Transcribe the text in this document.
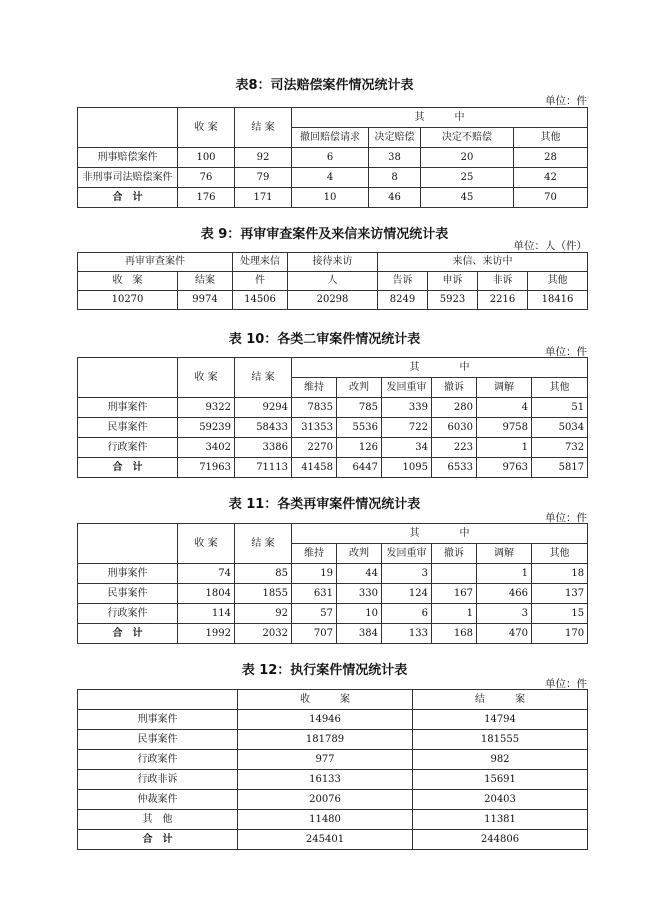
表8：司法赔偿案件情况统计表
单位：件
	收 案	结 案	其　　　中			
			撤回赔偿请求	决定赔偿	决定不赔偿	其他
刑事赔偿案件	100	92	6	38	20	28
非刑事司法赔偿案件	76	79	4	8	25	42
合　计	176	171	10	46	45	70
表 9：再审审查案件及来信来访情况统计表
单位：人（件）
再审审查案件		处理来信	接待来访	来信、来访中			
收　案	结案	件	人	告诉	申诉	非诉	其他
10270	9974	14506	20298	8249	5923	2216	18416
表 10：各类二审案件情况统计表
单位：件
	收 案	结 案	其　　　　中					
			维持	改判	发回重审	撤诉	调解	其他
刑事案件	9322	9294	7835	785	339	280	4	51
民事案件	59239	58433	31353	5536	722	6030	9758	5034
行政案件	3402	3386	2270	126	34	223	1	732
合　计	71963	71113	41458	6447	1095	6533	9763	5817
表 11：各类再审案件情况统计表
单位：件
	收 案	结 案	其　　　　中					
			维持	改判	发回重审	撤诉	调解	其他
刑事案件	74	85	19	44	3		1	18
民事案件	1804	1855	631	330	124	167	466	137
行政案件	114	92	57	10	6	1	3	15
合　计	1992	2032	707	384	133	168	470	170
表 12：执行案件情况统计表
单位：件
	收　　　案	结　　　案
刑事案件	14946	14794
民事案件	181789	181555
行政案件	977	982
行政非诉	16133	15691
仲裁案件	20076	20403
其　他	11480	11381
合　计	245401	244806
